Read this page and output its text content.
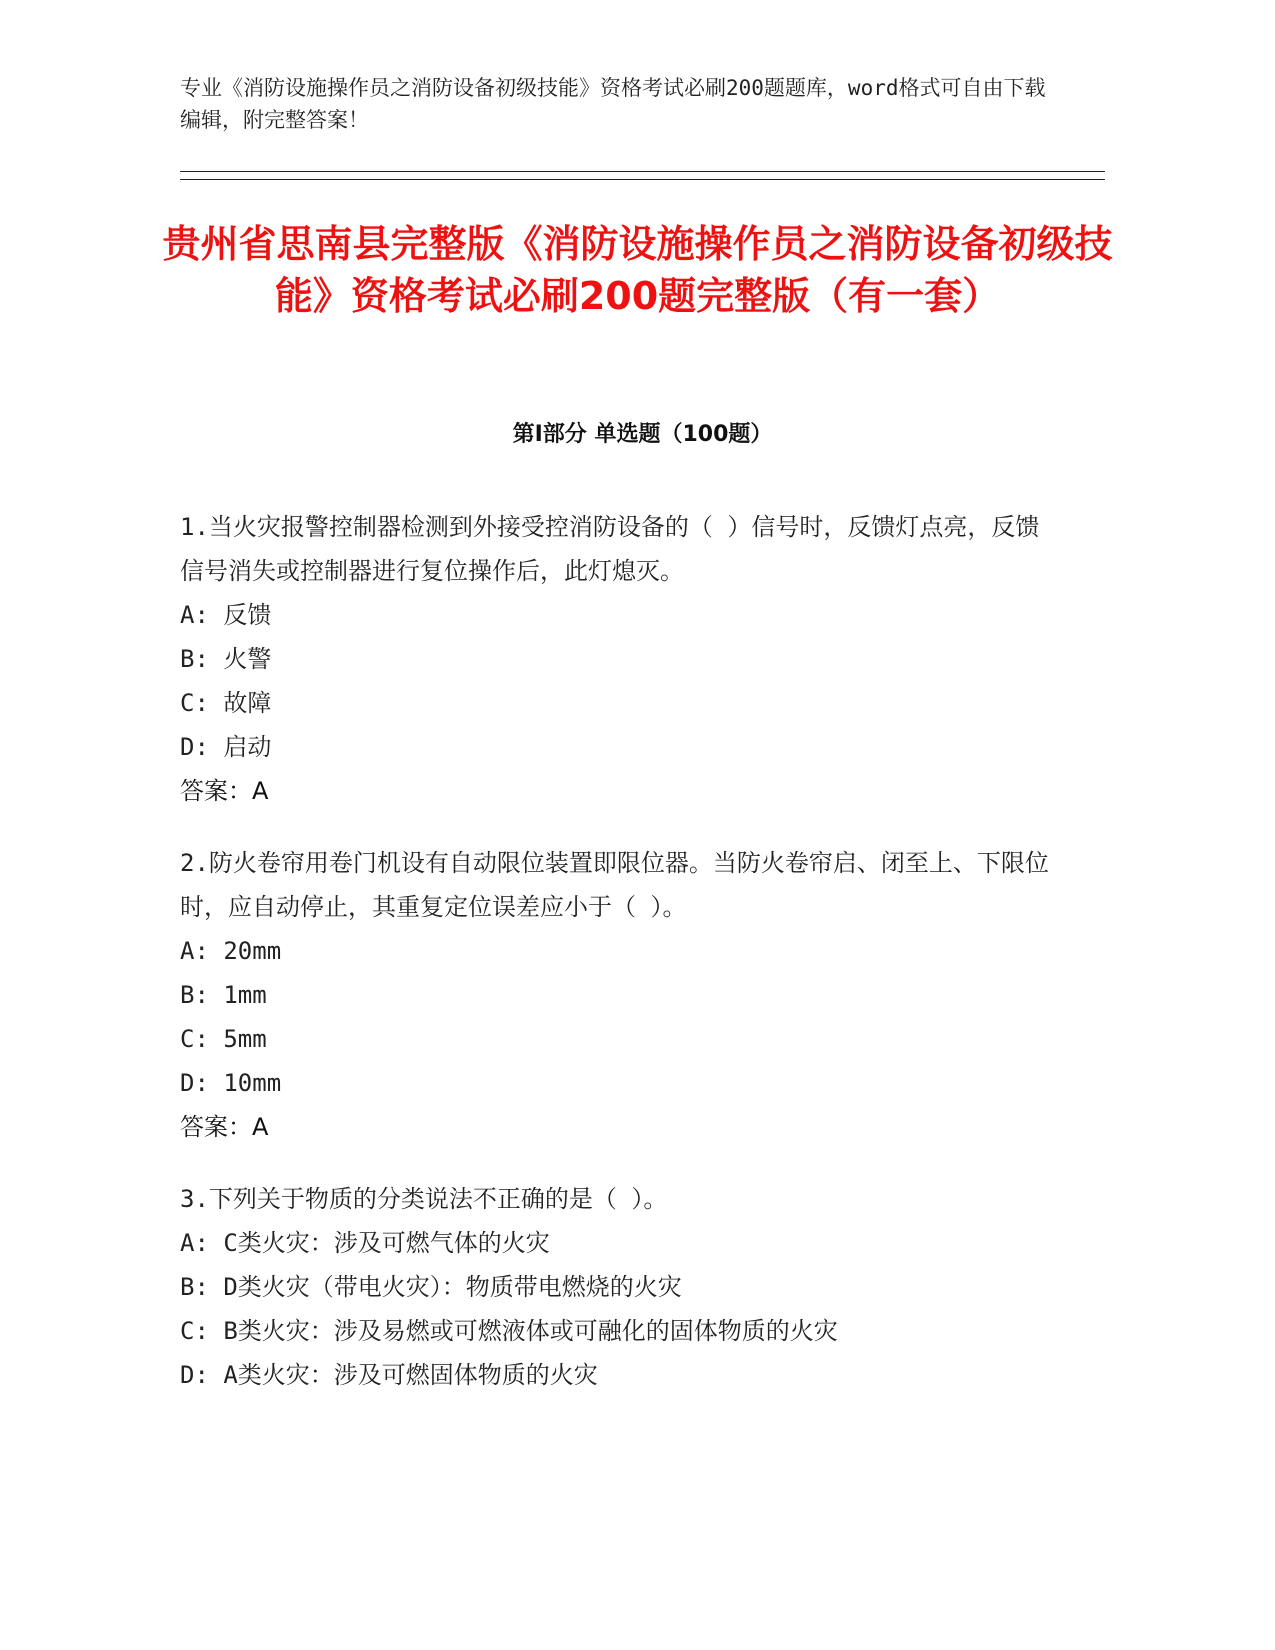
专业《消防设施操作员之消防设备初级技能》资格考试必刷200题题库，word格式可自由下载编辑，附完整答案！
贵州省思南县完整版《消防设施操作员之消防设备初级技能》资格考试必刷200题完整版（有一套）
第I部分 单选题（100题）

1.当火灾报警控制器检测到外接受控消防设备的（ ）信号时，反馈灯点亮，反馈信号消失或控制器进行复位操作后，此灯熄灭。

A: 反馈

B: 火警

C: 故障

D: 启动

答案：A

2.防火卷帘用卷门机设有自动限位装置即限位器。当防火卷帘启、闭至上、下限位时，应自动停止，其重复定位误差应小于（ ）。

A: 20mm

B: 1mm

C: 5mm

D: 10mm

答案：A

3.下列关于物质的分类说法不正确的是（ ）。

A: C类火灾：涉及可燃气体的火灾

B: D类火灾（带电火灾）：物质带电燃烧的火灾

C: B类火灾：涉及易燃或可燃液体或可融化的固体物质的火灾

D: A类火灾：涉及可燃固体物质的火灾
